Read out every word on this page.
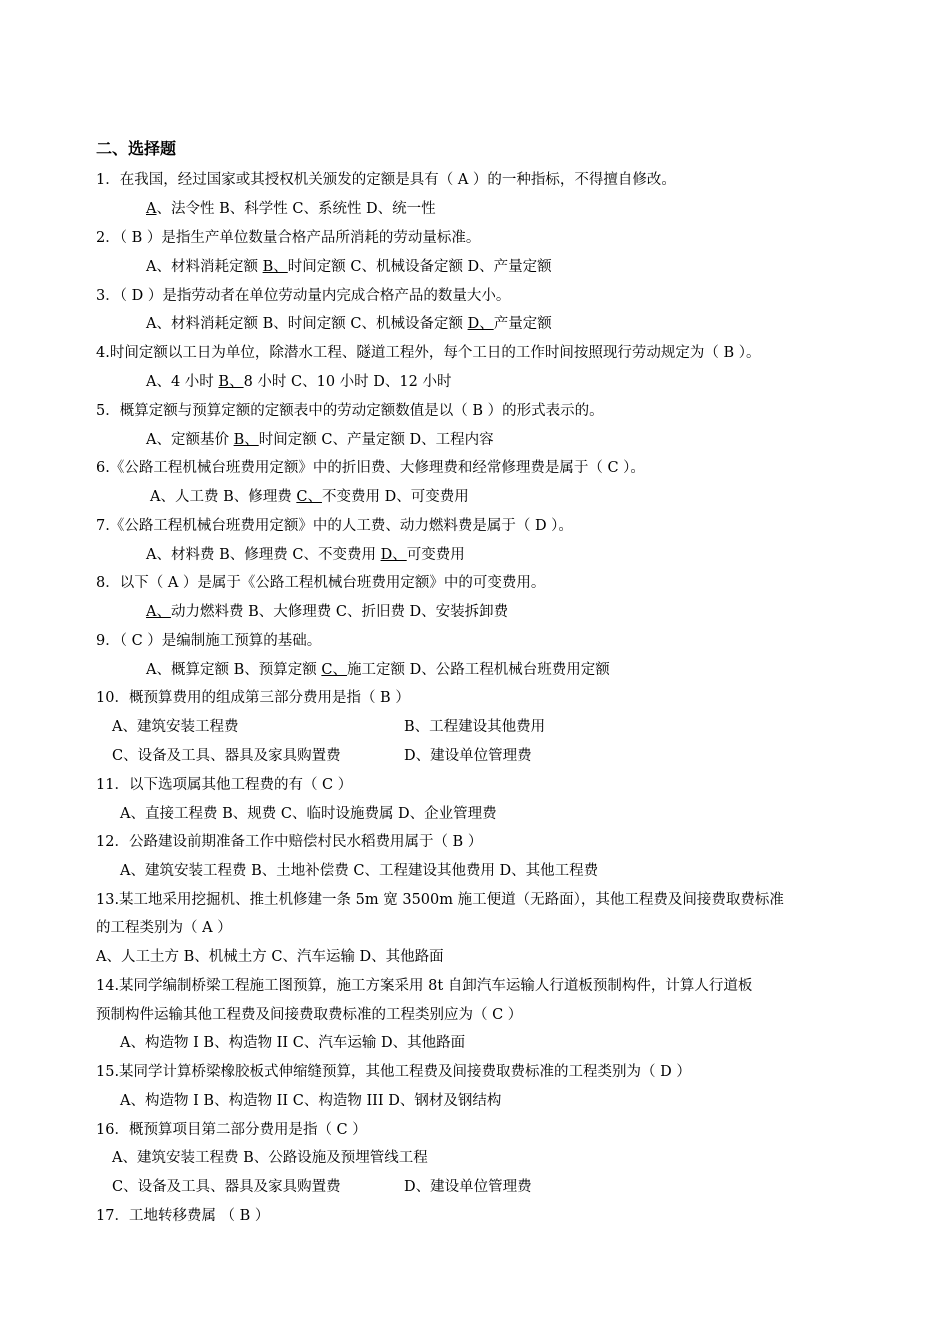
二、选择题
1．在我国，经过国家或其授权机关颁发的定额是具有（ A ）的一种指标，不得擅自修改。
A、法令性 B、科学性 C、系统性 D、统一性
2．（ B ）是指生产单位数量合格产品所消耗的劳动量标准。
A、材料消耗定额 B、时间定额 C、机械设备定额 D、产量定额
3．（ D ）是指劳动者在单位劳动量内完成合格产品的数量大小。
A、材料消耗定额 B、时间定额 C、机械设备定额 D、产量定额
4.时间定额以工日为单位，除潜水工程、隧道工程外，每个工日的工作时间按照现行劳动规定为（ B ）。
A、4 小时 B、8 小时 C、10 小时 D、12 小时
5．概算定额与预算定额的定额表中的劳动定额数值是以（ B ）的形式表示的。
A、定额基价 B、时间定额 C、产量定额 D、工程内容
6.《公路工程机械台班费用定额》中的折旧费、大修理费和经常修理费是属于（ C ）。
A、人工费 B、修理费 C、不变费用 D、可变费用
7.《公路工程机械台班费用定额》中的人工费、动力燃料费是属于（ D ）。
A、材料费 B、修理费 C、不变费用 D、可变费用
8．以下（ A ）是属于《公路工程机械台班费用定额》中的可变费用。
A、动力燃料费 B、大修理费 C、折旧费 D、安装拆卸费
9．（ C ）是编制施工预算的基础。
A、概算定额 B、预算定额 C、施工定额 D、公路工程机械台班费用定额
10．概预算费用的组成第三部分费用是指（ B ）
A、建筑安装工程费	B、工程建设其他费用
C、设备及工具、器具及家具购置费	D、建设单位管理费
11．以下选项属其他工程费的有（ C ）
A、直接工程费 B、规费 C、临时设施费属 D、企业管理费
12．公路建设前期准备工作中赔偿村民水稻费用属于（ B ）
A、建筑安装工程费 B、土地补偿费 C、工程建设其他费用 D、其他工程费
13.某工地采用挖掘机、推土机修建一条 5m 宽 3500m 施工便道（无路面），其他工程费及间接费取费标准
的工程类别为（ A ）
A、人工土方 B、机械土方 C、汽车运输 D、其他路面
14.某同学编制桥梁工程施工图预算，施工方案采用 8t 自卸汽车运输人行道板预制构件，计算人行道板
预制构件运输其他工程费及间接费取费标准的工程类别应为（ C ）
A、构造物 I B、构造物 II C、汽车运输 D、其他路面
15.某同学计算桥梁橡胶板式伸缩缝预算，其他工程费及间接费取费标准的工程类别为（ D ）
A、构造物 I B、构造物 II C、构造物 III D、钢材及钢结构
16．概预算项目第二部分费用是指（ C ）
A、建筑安装工程费 B、公路设施及预埋管线工程
C、设备及工具、器具及家具购置费	D、建设单位管理费
17．工地转移费属 （ B ）
